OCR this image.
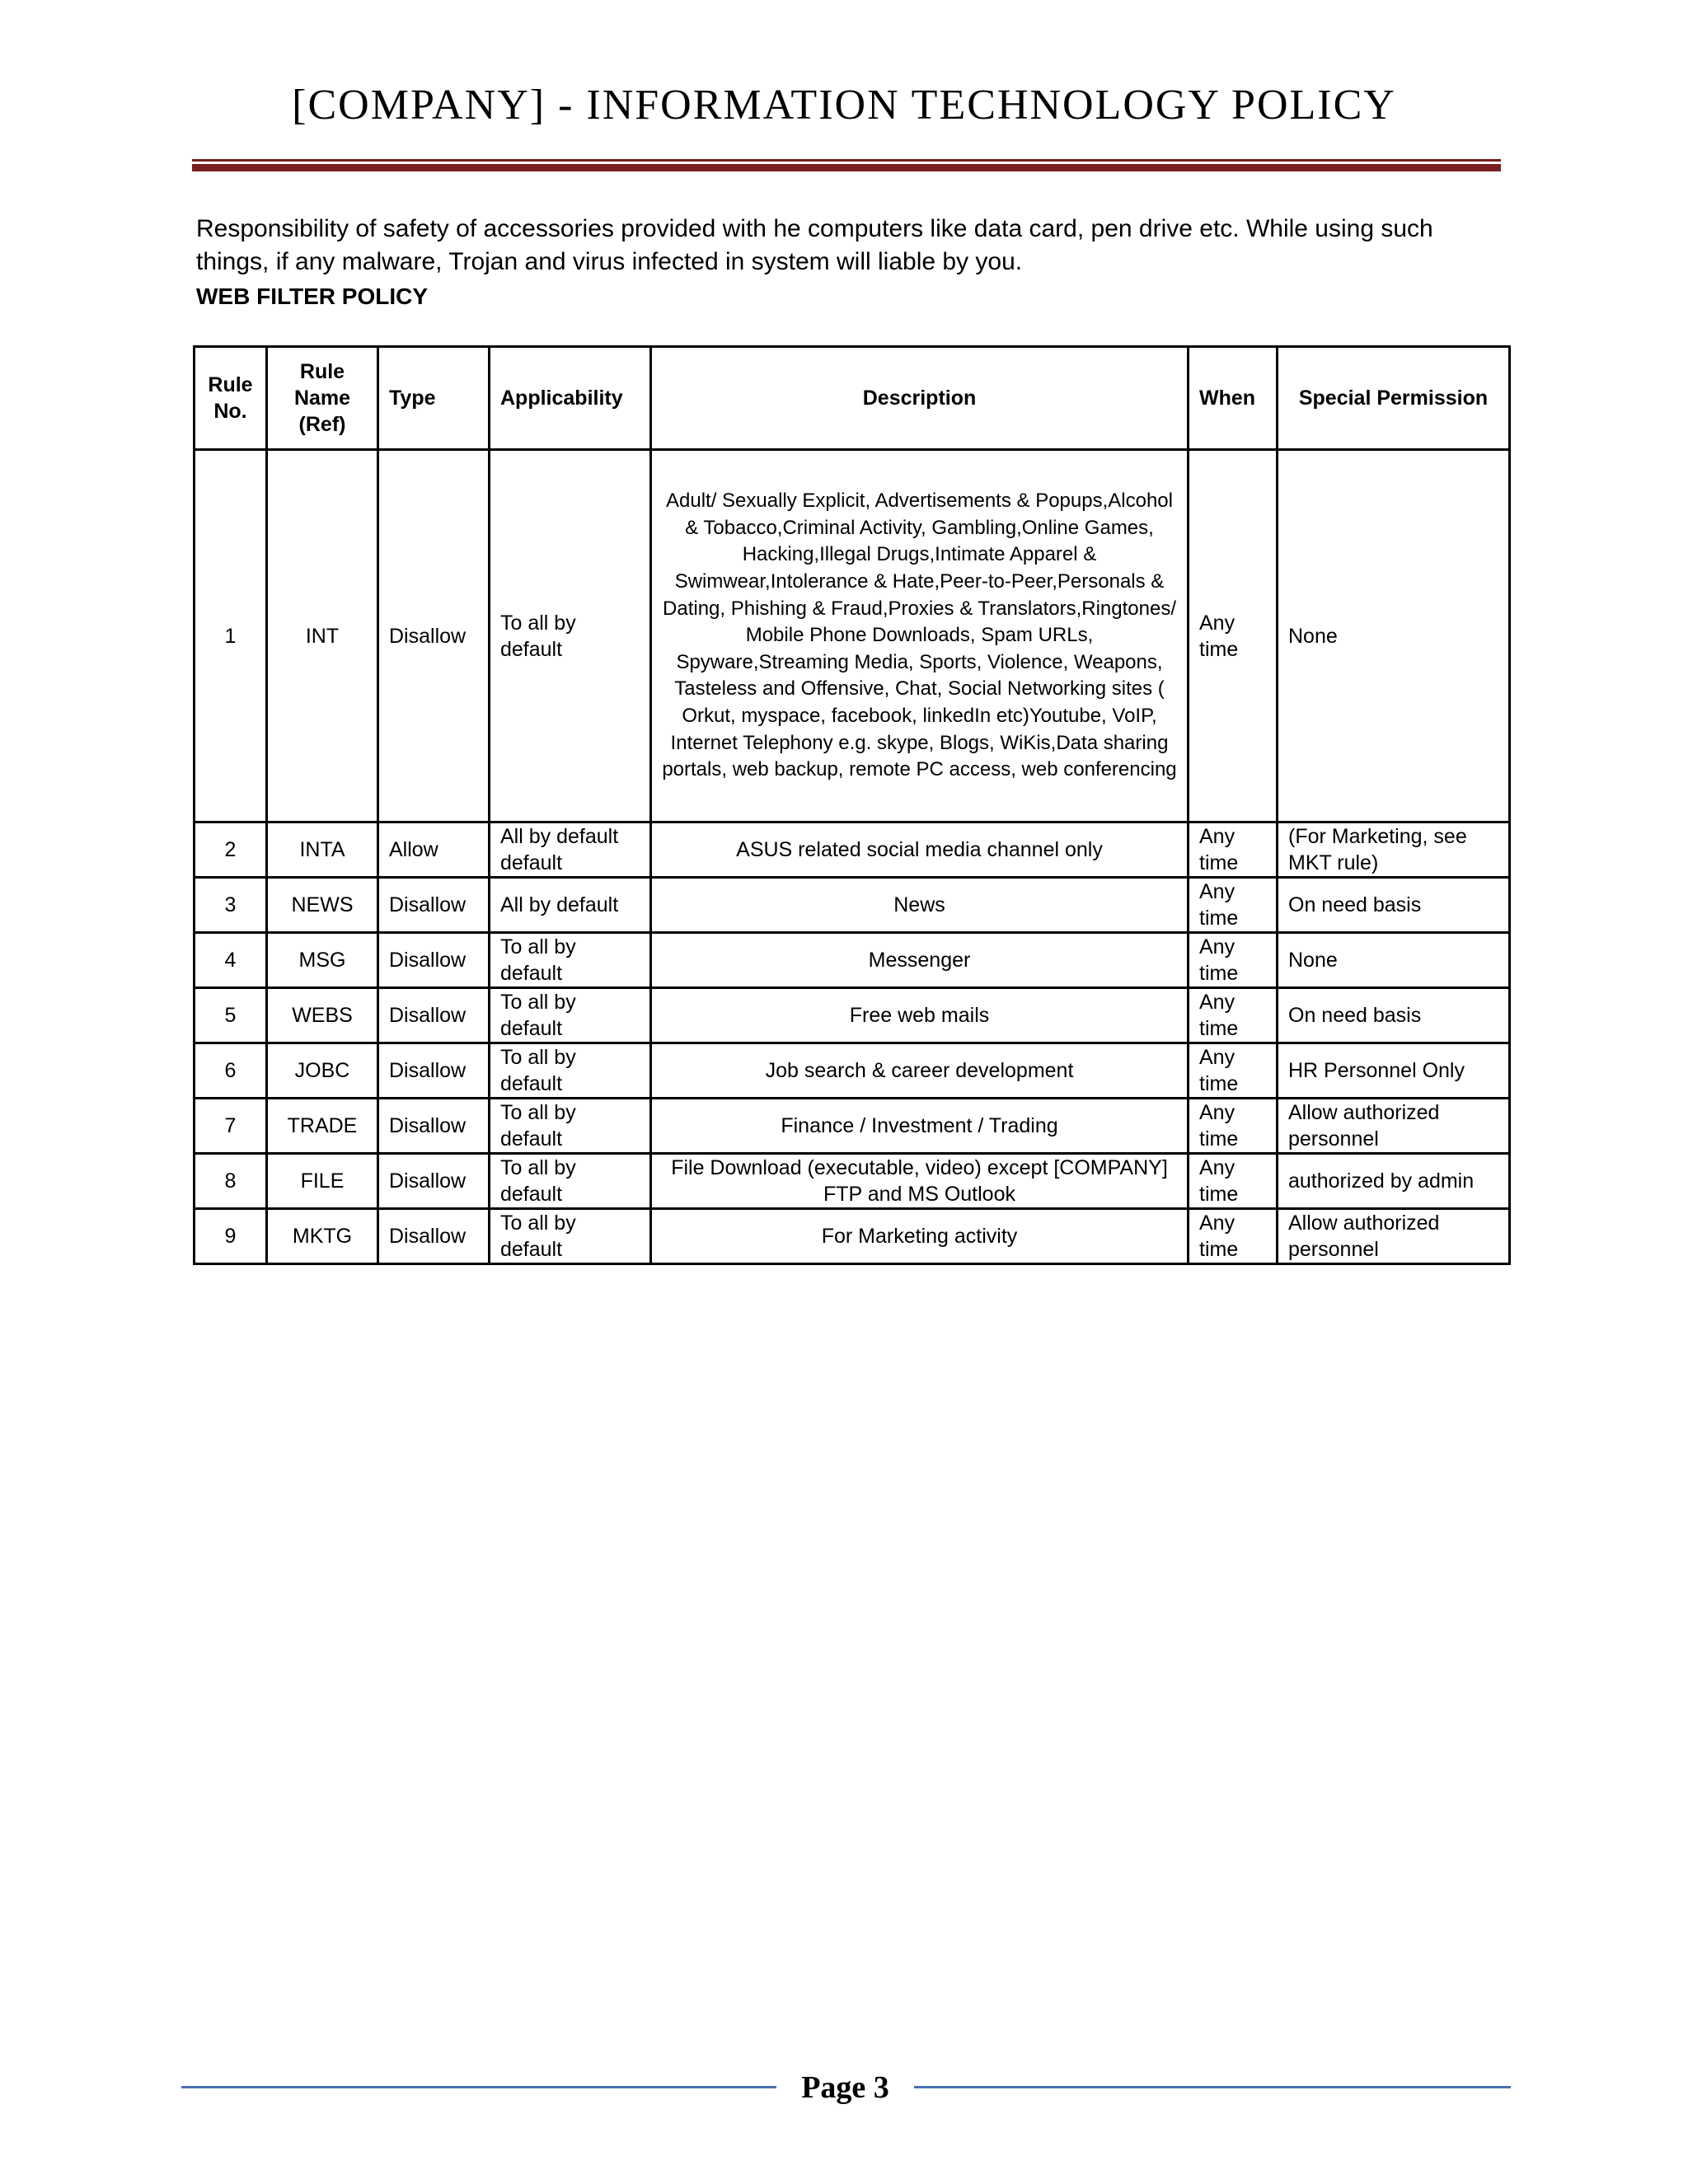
[COMPANY] - INFORMATION TECHNOLOGY POLICY
Responsibility of safety of accessories provided with he computers like data card, pen drive etc. While using such things, if any malware, Trojan and virus infected in system will liable by you.
WEB FILTER POLICY
Rule No.	Rule Name (Ref)	Type	Applicability	Description	When	Special Permission
1	INT	Disallow	To all by default	Adult/ Sexually Explicit, Advertisements & Popups,Alcohol & Tobacco,Criminal Activity, Gambling,Online Games, Hacking,Illegal Drugs,Intimate Apparel & Swimwear,Intolerance & Hate,Peer-to-Peer,Personals & Dating, Phishing & Fraud,Proxies & Translators,Ringtones/ Mobile Phone Downloads, Spam URLs, Spyware,Streaming Media, Sports, Violence, Weapons, Tasteless and Offensive, Chat, Social Networking sites ( Orkut, myspace, facebook, linkedIn etc)Youtube, VoIP, Internet Telephony e.g. skype, Blogs, WiKis,Data sharing portals, web backup, remote PC access, web conferencing	Any time	None
2	INTA	Allow	All by default default	ASUS related social media channel only	Any time	(For Marketing, see MKT rule)
3	NEWS	Disallow	All by default	News	Any time	On need basis
4	MSG	Disallow	To all by default	Messenger	Any time	None
5	WEBS	Disallow	To all by default	Free web mails	Any time	On need basis
6	JOBC	Disallow	To all by default	Job search & career development	Any time	HR Personnel Only
7	TRADE	Disallow	To all by default	Finance / Investment / Trading	Any time	Allow authorized personnel
8	FILE	Disallow	To all by default	File Download (executable, video) except [COMPANY] FTP and MS Outlook	Any time	authorized by admin
9	MKTG	Disallow	To all by default	For Marketing activity	Any time	Allow authorized personnel
Page 3
